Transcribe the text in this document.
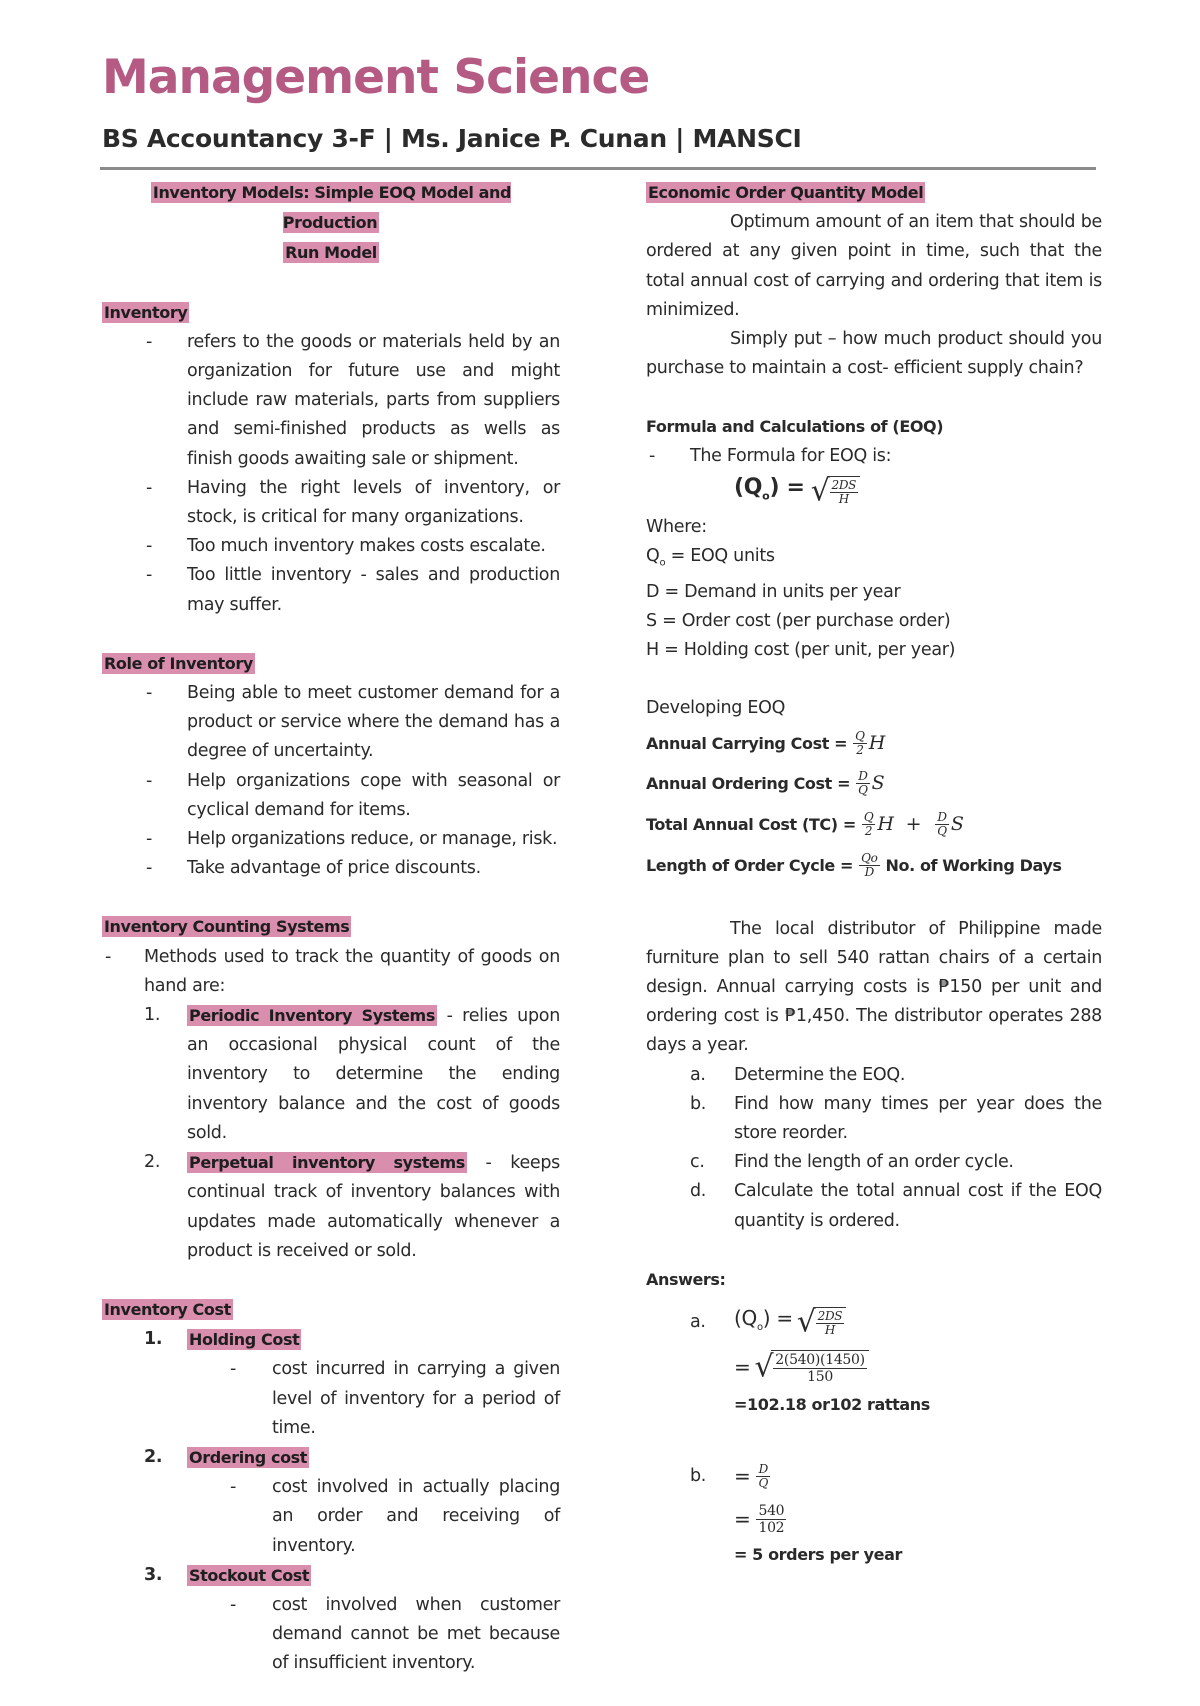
Management Science
BS Accountancy 3-F | Ms. Janice P. Cunan | MANSCI

Inventory Models: Simple EOQ Model and Production
Run Model

Inventory

- refers to the goods or materials held by an organization for future use and might include raw materials, parts from suppliers and semi-finished products as wells as finish goods awaiting sale or shipment.
- Having the right levels of inventory, or stock, is critical for many organizations.
- Too much inventory makes costs escalate.
- Too little inventory - sales and production may suffer.

Role of Inventory

- Being able to meet customer demand for a product or service where the demand has a degree of uncertainty.
- Help organizations cope with seasonal or cyclical demand for items.
- Help organizations reduce, or manage, risk.
- Take advantage of price discounts.

Inventory Counting Systems

- Methods used to track the quantity of goods on hand are:
1. Periodic Inventory Systems - relies upon an occasional physical count of the inventory to determine the ending inventory balance and the cost of goods sold.
2. Perpetual inventory systems - keeps continual track of inventory balances with updates made automatically whenever a product is received or sold.

Inventory Cost

1. Holding Cost
- cost incurred in carrying a given level of inventory for a period of time.
2. Ordering cost
- cost involved in actually placing an order and receiving of inventory.
3. Stockout Cost
- cost involved when customer demand cannot be met because of insufficient inventory.

Economic Order Quantity Model

Optimum amount of an item that should be ordered at any given point in time, such that the total annual cost of carrying and ordering that item is minimized.

Simply put – how much product should you purchase to maintain a cost- efficient supply chain?

Formula and Calculations of (EOQ)

- The Formula for EOQ is:
$(Q_o)$ = √ $\frac{2DS}{H}$

Where:

$Q_o$ = EOQ units

D = Demand in units per year

S = Order cost (per purchase order)

H = Holding cost (per unit, per year)

Developing EOQ

Annual Carrying Cost = $\frac{Q}{2}$ H
Annual Ordering Cost = $\frac{D}{Q}$ S
Total Annual Cost $(TC) = \frac{Q}{2}$ $H + \frac{D}{Q}$ S
Length of Order Cycle = $\frac{Qo}{D} No$. of Working Days

The local distributor of Philippine made furniture plan to sell 540 rattan chairs of a certain design. Annual carrying costs is ₱150 per unit and ordering cost is ₱1,450. The distributor operates 288 days a year.

a. Determine the EOQ.
b. Find how many times per year does the store reorder.
c. Find the length of an order cycle.
d. Calculate the total annual cost if the EOQ quantity is ordered.

Answers:

a.	$(Q_o)$ = √ $\frac{2DS}{H}$
= √ $\frac{2(540)(1450)}{150}$
=102.18 or102 rattans
b.	= $\frac{D}{Q}$
= $\frac{540}{102}$
= 5 orders per year
